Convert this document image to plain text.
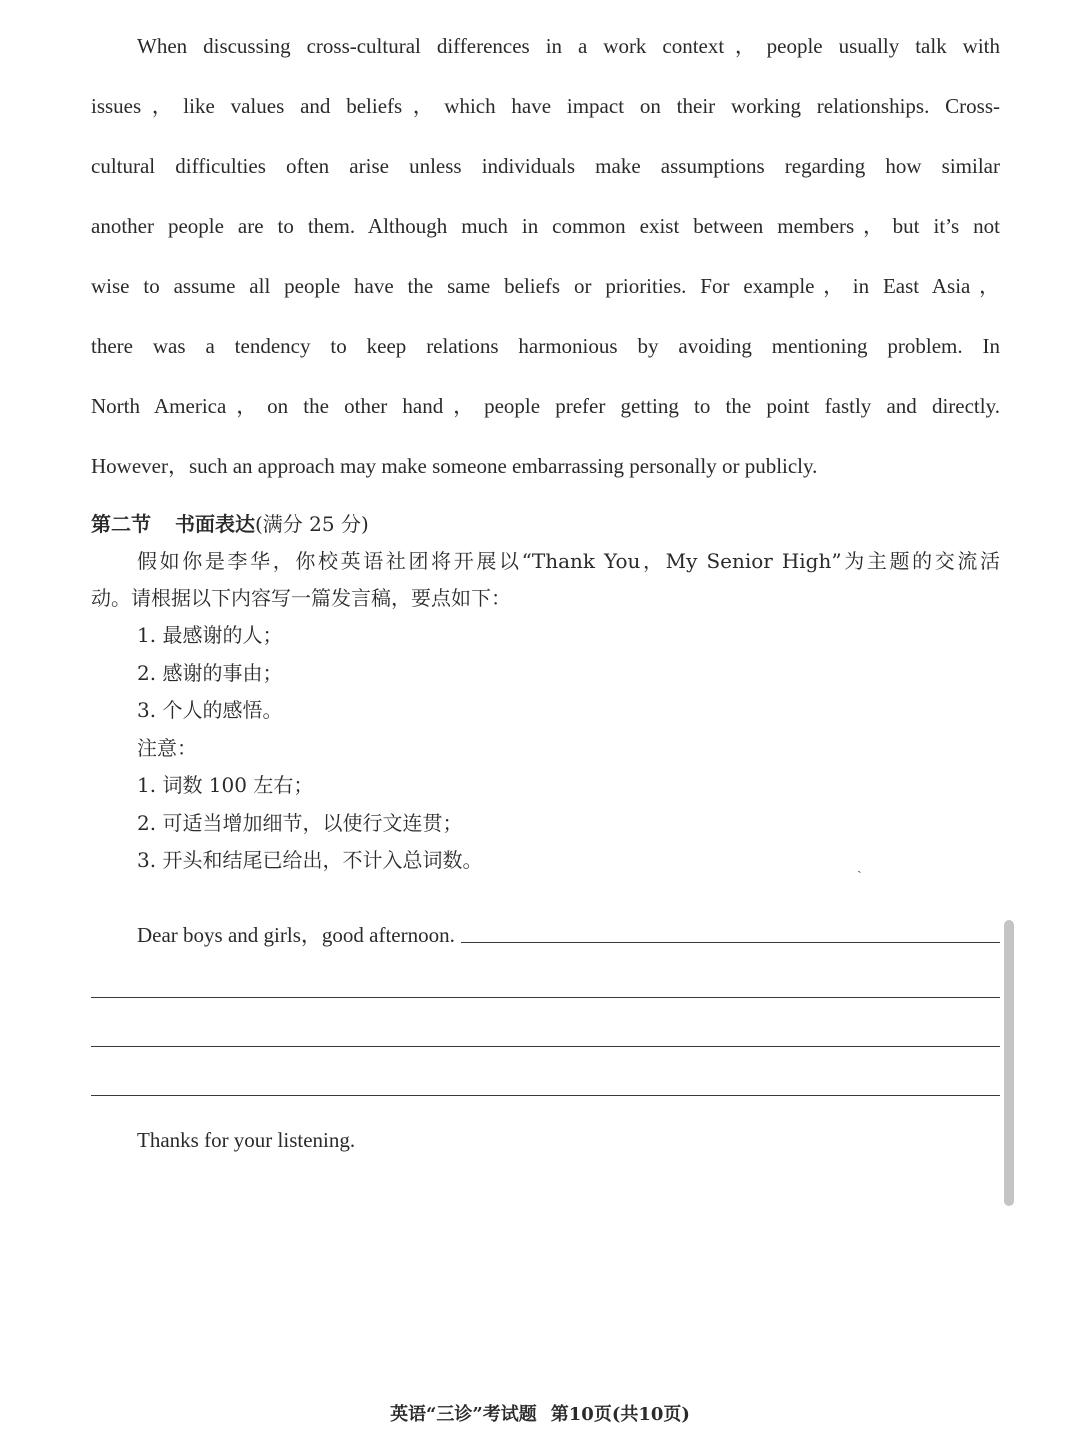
When discussing cross-cultural differences in a work context，people usually talk with
issues，like values and beliefs，which have impact on their working relationships. Cross-
cultural difficulties often arise unless individuals make assumptions regarding how similar
another people are to them. Although much in common exist between members，but it’s not
wise to assume all people have the same beliefs or priorities. For example，in East Asia，
there was a tendency to keep relations harmonious by avoiding mentioning problem. In
North America，on the other hand，people prefer getting to the point fastly and directly.
However，such an approach may make someone embarrassing personally or publicly.
第二节 书面表达(满分 25 分)
假如你是李华，你校英语社团将开展以“Thank You，My Senior High”为主题的交流活
动。请根据以下内容写一篇发言稿，要点如下：
1. 最感谢的人；
2. 感谢的事由；
3. 个人的感悟。
注意：
1. 词数 100 左右；
2. 可适当增加细节，以使行文连贯；
3. 开头和结尾已给出，不计入总词数。	ˏ
Dear boys and girls，good afternoon.
Thanks for your listening.
英语“三诊”考试题 第10页(共10页)
